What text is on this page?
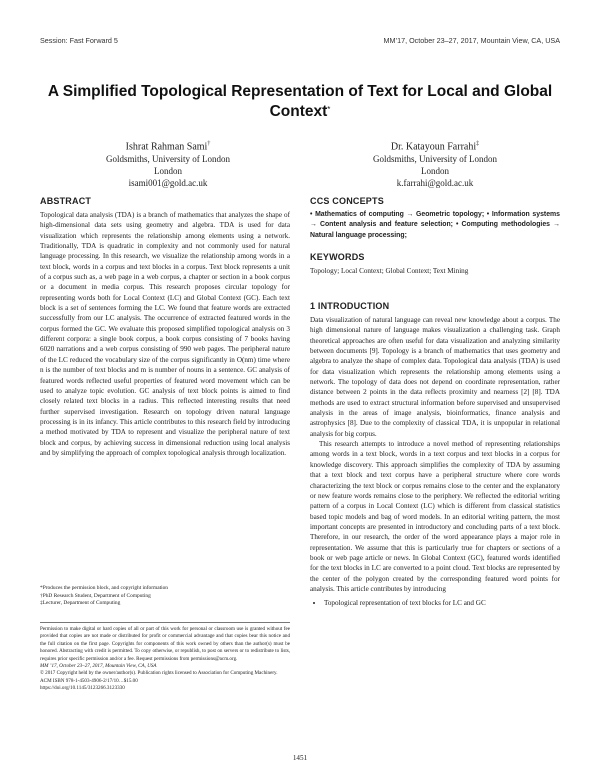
Session: Fast Forward 5	MM’17, October 23–27, 2017, Mountain View, CA, USA
A Simplified Topological Representation of Text for Local and Global Context*
Ishrat Rahman Sami†
Goldsmiths, University of London
London
isami001@gold.ac.uk
Dr. Katayoun Farrahi‡
Goldsmiths, University of London
London
k.farrahi@gold.ac.uk
ABSTRACT

Topological data analysis (TDA) is a branch of mathematics that analyzes the shape of high-dimensional data sets using geometry and algebra. TDA is used for data visualization which represents the relationship among elements using a network. Traditionally, TDA is quadratic in complexity and not commonly used for natural language processing. In this research, we visualize the relationship among words in a text block, words in a corpus and text blocks in a corpus. Text block represents a unit of a corpus such as, a web page in a web corpus, a chapter or section in a book corpus or a document in media corpus. This research proposes circular topology for representing words both for Local Context (LC) and Global Context (GC). Each text block is a set of sentences forming the LC. We found that feature words are extracted successfully from our LC analysis. The occurrence of extracted featured words in the corpus formed the GC. We evaluate this proposed simplified topological analysis on 3 different corpora: a single book corpus, a book corpus consisting of 7 books having 6020 narrations and a web corpus consisting of 990 web pages. The peripheral nature of the LC reduced the vocabulary size of the corpus significantly in O(nm) time where n is the number of text blocks and m is number of nouns in a sentence. GC analysis of featured words reflected useful properties of featured word movement which can be used to analyze topic evolution. GC analysis of text block points is aimed to find closely related text blocks in a radius. This reflected interesting results that need further supervised investigation. Research on topology driven natural language processing is in its infancy. This article contributes to this research field by introducing a method motivated by TDA to represent and visualize the peripheral nature of text block and corpus, by achieving success in dimensional reduction using local analysis and by simplifying the approach of complex topological analysis through localization.

*Produces the permission block, and copyright information
†PhD Research Student, Department of Computing
‡Lecturer, Department of Computing
Permission to make digital or hard copies of all or part of this work for personal or classroom use is granted without fee provided that copies are not made or distributed for profit or commercial advantage and that copies bear this notice and the full citation on the first page. Copyrights for components of this work owned by others than the author(s) must be honored. Abstracting with credit is permitted. To copy otherwise, or republish, to post on servers or to redistribute to lists, requires prior specific permission and/or a fee. Request permissions from permissions@acm.org.
MM ’17, October 23–27, 2017, Mountain View, CA, USA
© 2017 Copyright held by the owner/author(s). Publication rights licensed to Association for Computing Machinery.
ACM ISBN 978-1-4503-4906-2/17/10…$15.00
https://doi.org/10.1145/3123266.3123330
CCS CONCEPTS

• Mathematics of computing → Geometric topology; • Information systems → Content analysis and feature selection; • Computing methodologies → Natural language processing;

KEYWORDS

Topology; Local Context; Global Context; Text Mining

1 INTRODUCTION

Data visualization of natural language can reveal new knowledge about a corpus. The high dimensional nature of language makes visualization a challenging task. Graph theoretical approaches are often useful for data visualization and analyzing similarity between documents [9]. Topology is a branch of mathematics that uses geometry and algebra to analyze the shape of complex data. Topological data analysis (TDA) is used for data visualization which represents the relationship among elements using a network. The topology of data does not depend on coordinate representation, rather distance between 2 points in the data reflects proximity and nearness [2] [8]. TDA methods are used to extract structural information before supervised and unsupervised analysis in the areas of image analysis, bioinformatics, finance analysis and astrophysics [8]. Due to the complexity of classical TDA, it is unpopular in relational analysis for big corpus.

This research attempts to introduce a novel method of representing relationships among words in a text block, words in a text corpus and text blocks in a corpus for knowledge discovery. This approach simplifies the complexity of TDA by assuming that a text block and text corpus have a peripheral structure where core words characterizing the text block or corpus remains close to the center and the explanatory or new feature words remains close to the periphery. We reflected the editorial writing pattern of a corpus in Local Context (LC) which is different from classical statistics based topic models and bag of word models. In an editorial writing pattern, the most important concepts are presented in introductory and concluding parts of a text block. Therefore, in our research, the order of the word appearance plays a major role in representation. We assume that this is particularly true for chapters or sections of a book or web page article or news. In Global Context (GC), featured words identified for the text blocks in LC are converted to a point cloud. Text blocks are represented by the center of the polygon created by the corresponding featured word points for analysis. This article contributes by introducing

• Topological representation of text blocks for LC and GC
1451
